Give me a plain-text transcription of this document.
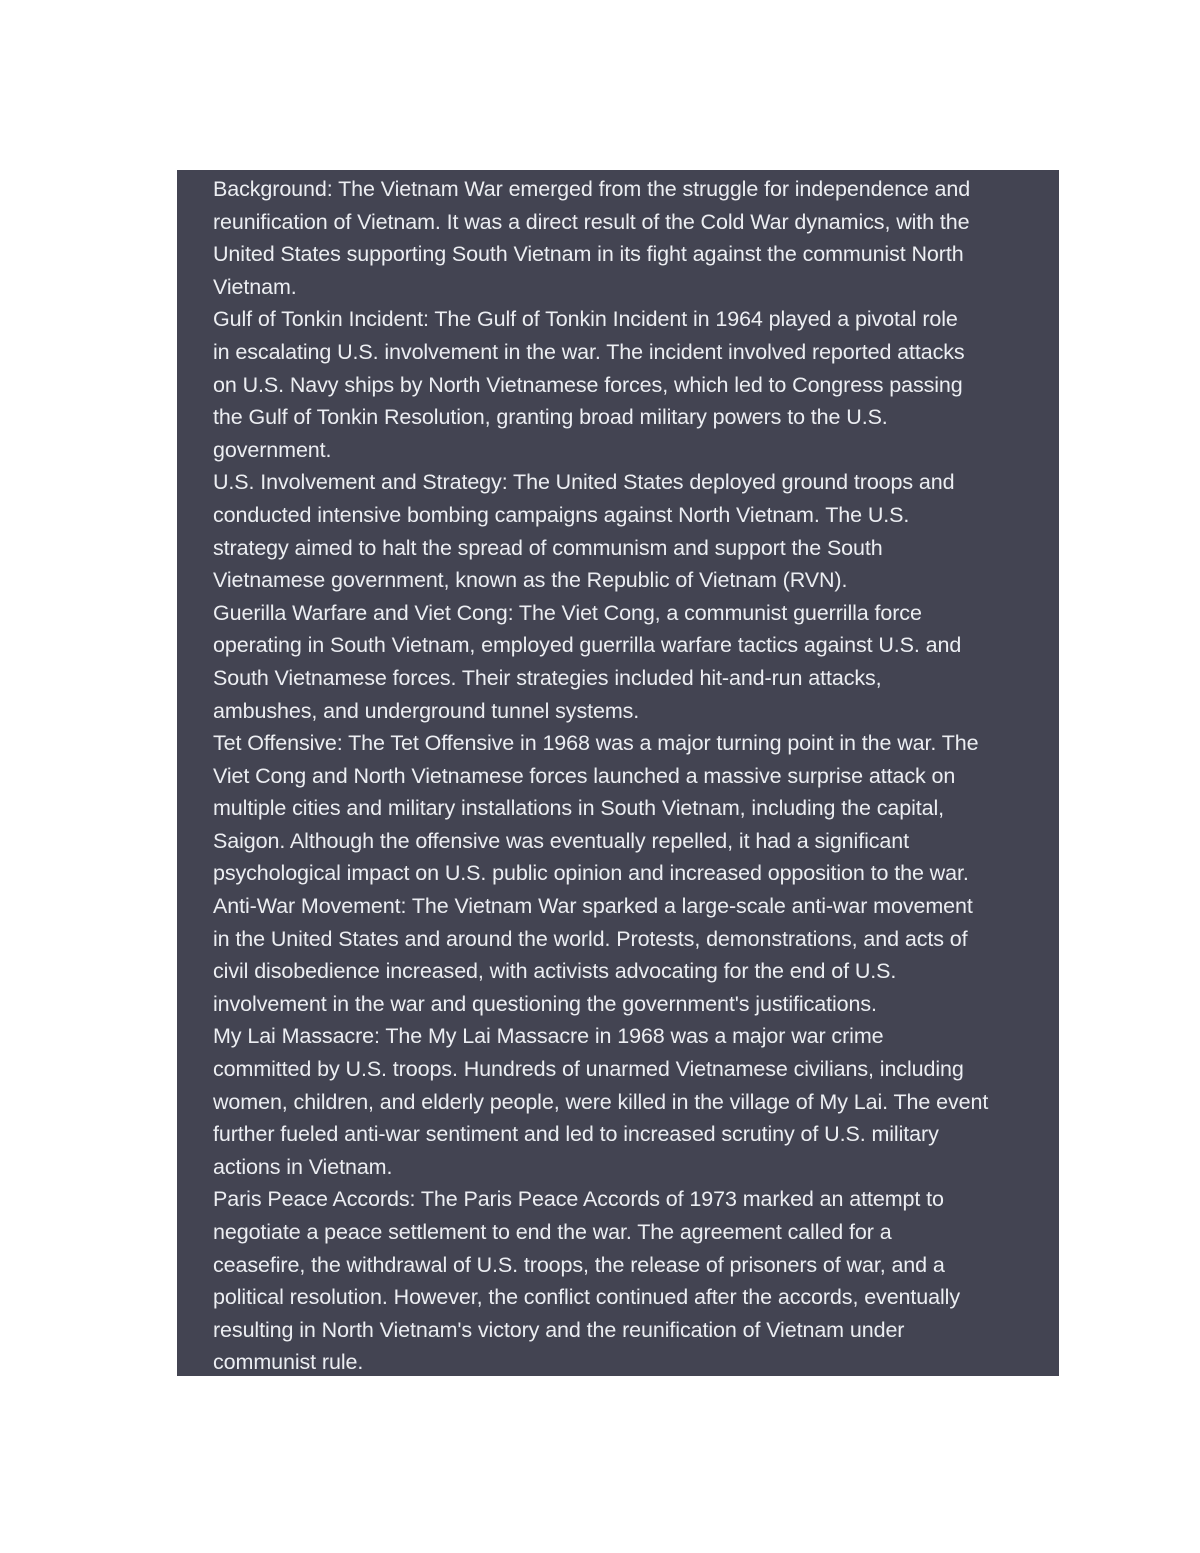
Background: The Vietnam War emerged from the struggle for independence and
reunification of Vietnam. It was a direct result of the Cold War dynamics, with the
United States supporting South Vietnam in its fight against the communist North
Vietnam.
Gulf of Tonkin Incident: The Gulf of Tonkin Incident in 1964 played a pivotal role
in escalating U.S. involvement in the war. The incident involved reported attacks
on U.S. Navy ships by North Vietnamese forces, which led to Congress passing
the Gulf of Tonkin Resolution, granting broad military powers to the U.S.
government.
U.S. Involvement and Strategy: The United States deployed ground troops and
conducted intensive bombing campaigns against North Vietnam. The U.S.
strategy aimed to halt the spread of communism and support the South
Vietnamese government, known as the Republic of Vietnam (RVN).
Guerilla Warfare and Viet Cong: The Viet Cong, a communist guerrilla force
operating in South Vietnam, employed guerrilla warfare tactics against U.S. and
South Vietnamese forces. Their strategies included hit-and-run attacks,
ambushes, and underground tunnel systems.
Tet Offensive: The Tet Offensive in 1968 was a major turning point in the war. The
Viet Cong and North Vietnamese forces launched a massive surprise attack on
multiple cities and military installations in South Vietnam, including the capital,
Saigon. Although the offensive was eventually repelled, it had a significant
psychological impact on U.S. public opinion and increased opposition to the war.
Anti-War Movement: The Vietnam War sparked a large-scale anti-war movement
in the United States and around the world. Protests, demonstrations, and acts of
civil disobedience increased, with activists advocating for the end of U.S.
involvement in the war and questioning the government's justifications.
My Lai Massacre: The My Lai Massacre in 1968 was a major war crime
committed by U.S. troops. Hundreds of unarmed Vietnamese civilians, including
women, children, and elderly people, were killed in the village of My Lai. The event
further fueled anti-war sentiment and led to increased scrutiny of U.S. military
actions in Vietnam.
Paris Peace Accords: The Paris Peace Accords of 1973 marked an attempt to
negotiate a peace settlement to end the war. The agreement called for a
ceasefire, the withdrawal of U.S. troops, the release of prisoners of war, and a
political resolution. However, the conflict continued after the accords, eventually
resulting in North Vietnam's victory and the reunification of Vietnam under
communist rule.
